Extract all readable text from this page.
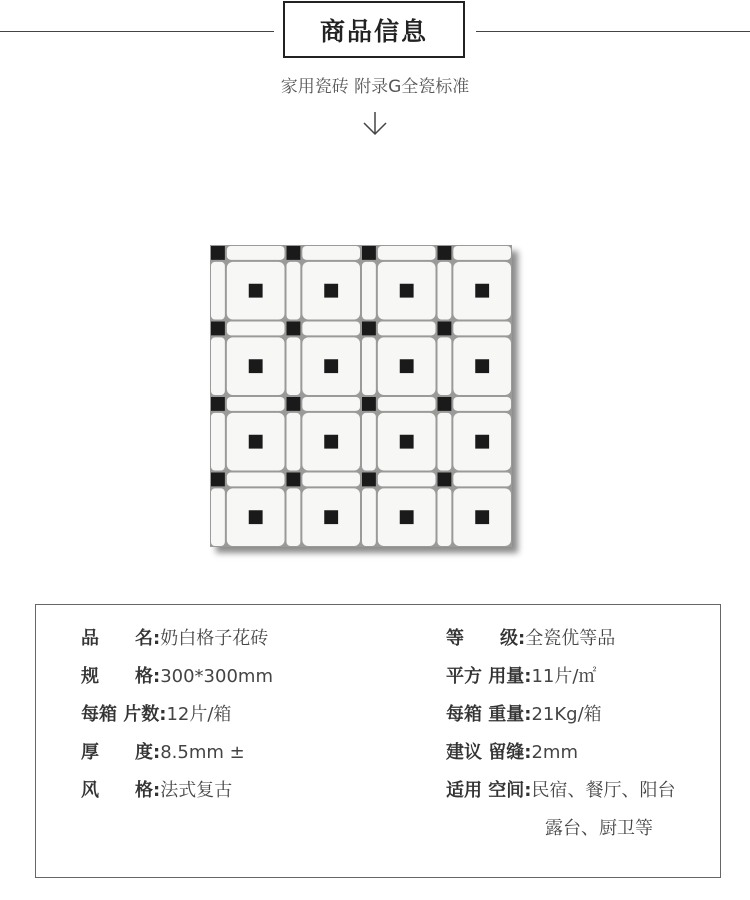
商品信息
家用瓷砖 附录G全瓷标准
品　　名:奶白格子花砖
规　　格:300*300mm
每箱 片数:12片/箱
厚　　度:8.5mm ±
风　　格:法式复古
等　　级:全瓷优等品
平方 用量:11片/㎡
每箱 重量:21Kg/箱
建议 留缝:2mm
适用 空间:民宿、餐厅、阳台
露台、厨卫等
